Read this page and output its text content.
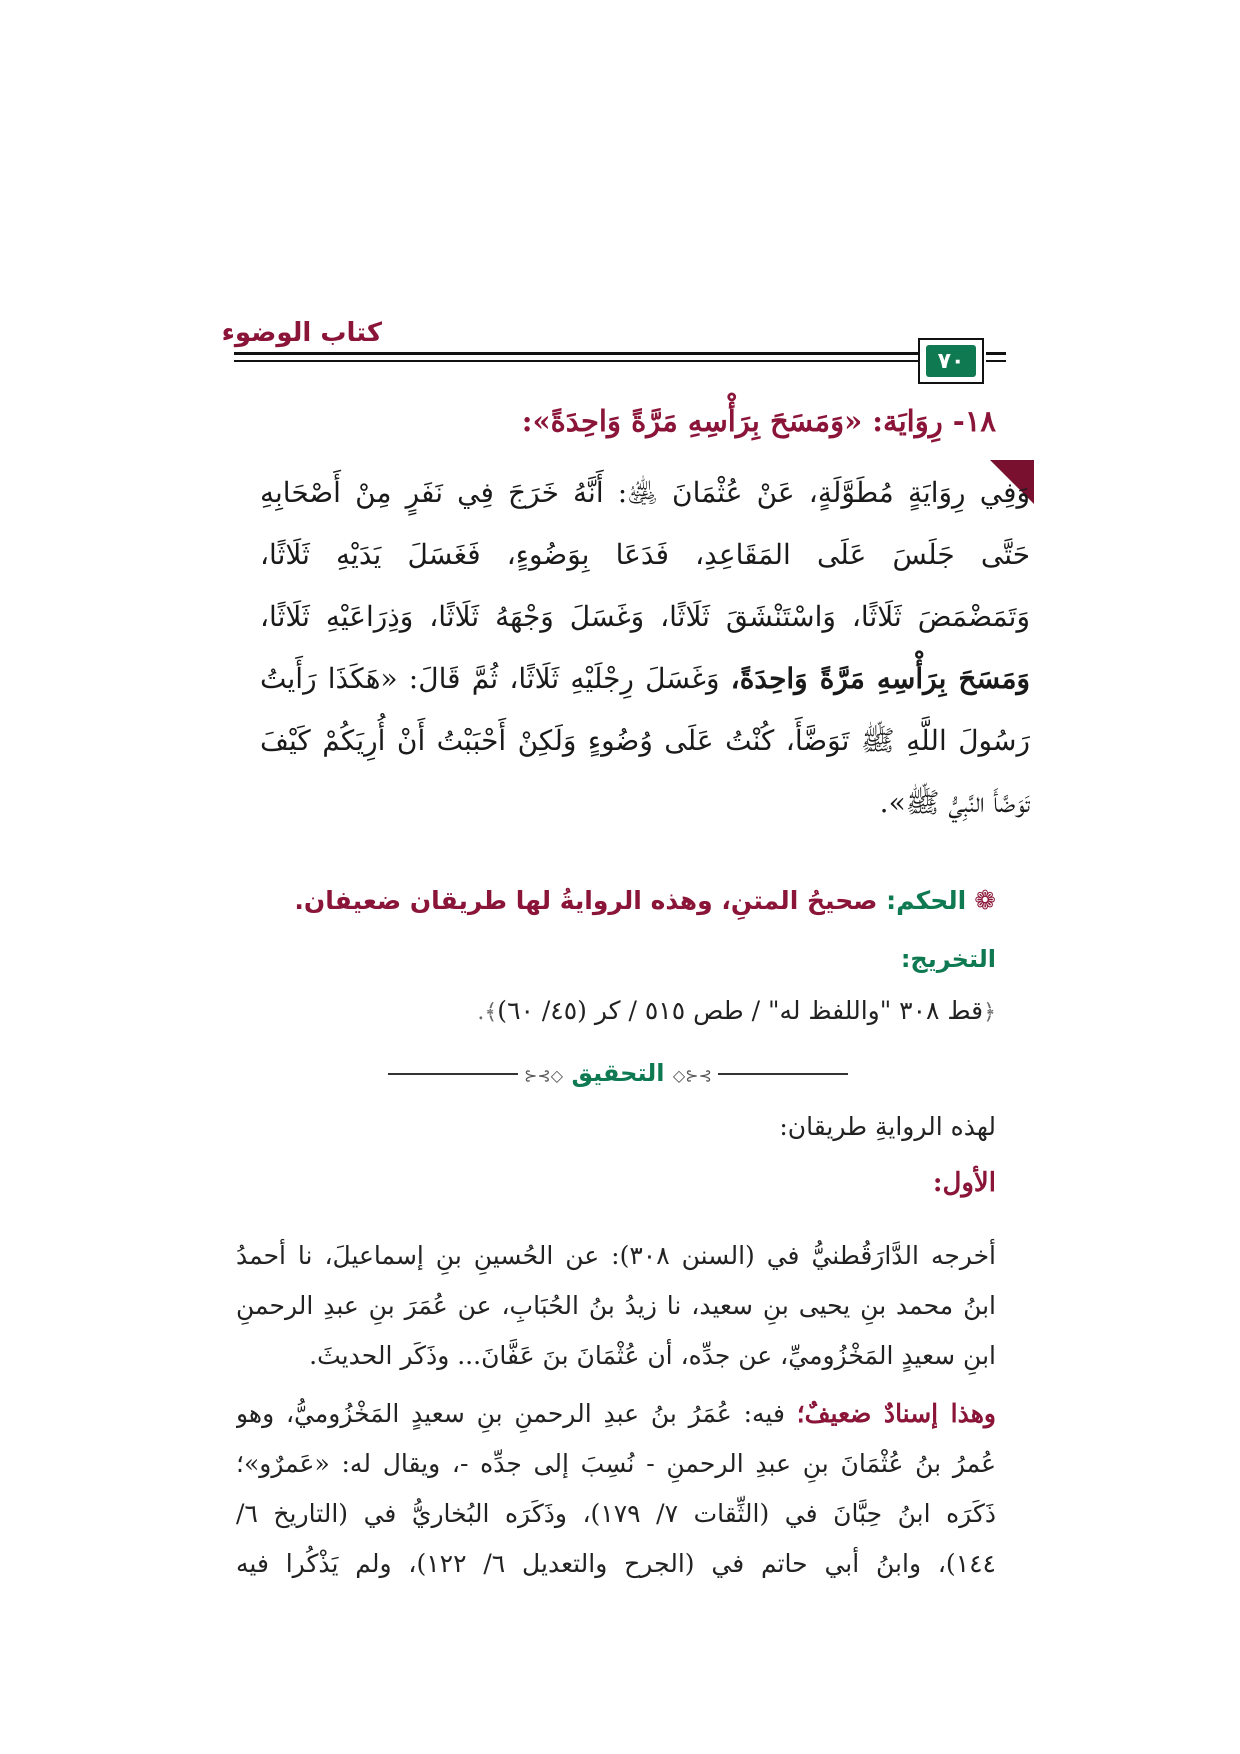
كتاب الوضوء
٧٠
١٨- رِوَايَة: «وَمَسَحَ بِرَأْسِهِ مَرَّةً وَاحِدَةً»:
وَفِي رِوَايَةٍ مُطَوَّلَةٍ، عَنْ عُثْمَانَ ﵁: أَنَّهُ خَرَجَ فِي نَفَرٍ مِنْ أَصْحَابِهِ
حَتَّى جَلَسَ عَلَى المَقَاعِدِ، فَدَعَا بِوَضُوءٍ، فَغَسَلَ يَدَيْهِ ثَلَاثًا،
وَتَمَضْمَضَ ثَلَاثًا، وَاسْتَنْشَقَ ثَلَاثًا، وَغَسَلَ وَجْهَهُ ثَلَاثًا، وَذِرَاعَيْهِ ثَلَاثًا،
وَمَسَحَ بِرَأْسِهِ مَرَّةً وَاحِدَةً، وَغَسَلَ رِجْلَيْهِ ثَلَاثًا، ثُمَّ قَالَ: «هَكَذَا رَأَيتُ
رَسُولَ اللَّهِ ﷺ تَوَضَّأَ، كُنْتُ عَلَى وُضُوءٍ وَلَكِنْ أَحْبَبْتُ أَنْ أُرِيَكُمْ كَيْفَ
تَوَضَّأَ النَّبِيُّ ﷺ».
❁الحكم: صحيحُ المتنِ، وهذه الروايةُ لها طريقان ضعيفان.
التخريج:
﴿قط ٣٠٨ "واللفظ له" / طص ٥١٥ / كر (٤٥/ ٦٠)﴾.
⊱⊰◇ التحقيق ◇⊱⊰
لهذه الروايةِ طريقان:
الأول:
أخرجه الدَّارَقُطنيُّ في (السنن ٣٠٨): عن الحُسينِ بنِ إسماعيلَ، نا أحمدُ
ابنُ محمد بنِ يحيى بنِ سعيد، نا زيدُ بنُ الحُبَابِ، عن عُمَرَ بنِ عبدِ الرحمنِ
ابنِ سعيدٍ المَخْزُوميِّ، عن جدِّه، أن عُثْمَانَ بنَ عَفَّانَ... وذَكَر الحديثَ.
وهذا إسنادٌ ضعيفٌ؛ فيه: عُمَرُ بنُ عبدِ الرحمنِ بنِ سعيدٍ المَخْزُوميُّ، وهو
عُمرُ بنُ عُثْمَانَ بنِ عبدِ الرحمنِ - نُسِبَ إلى جدِّه -، ويقال له: «عَمرٌو»؛
ذَكَرَه ابنُ حِبَّانَ في (الثِّقات ٧/ ١٧٩)، وذَكَرَه البُخاريُّ في (التاريخ ٦/
١٤٤)، وابنُ أبي حاتم في (الجرح والتعديل ٦/ ١٢٢)، ولم يَذْكُرا فيه
